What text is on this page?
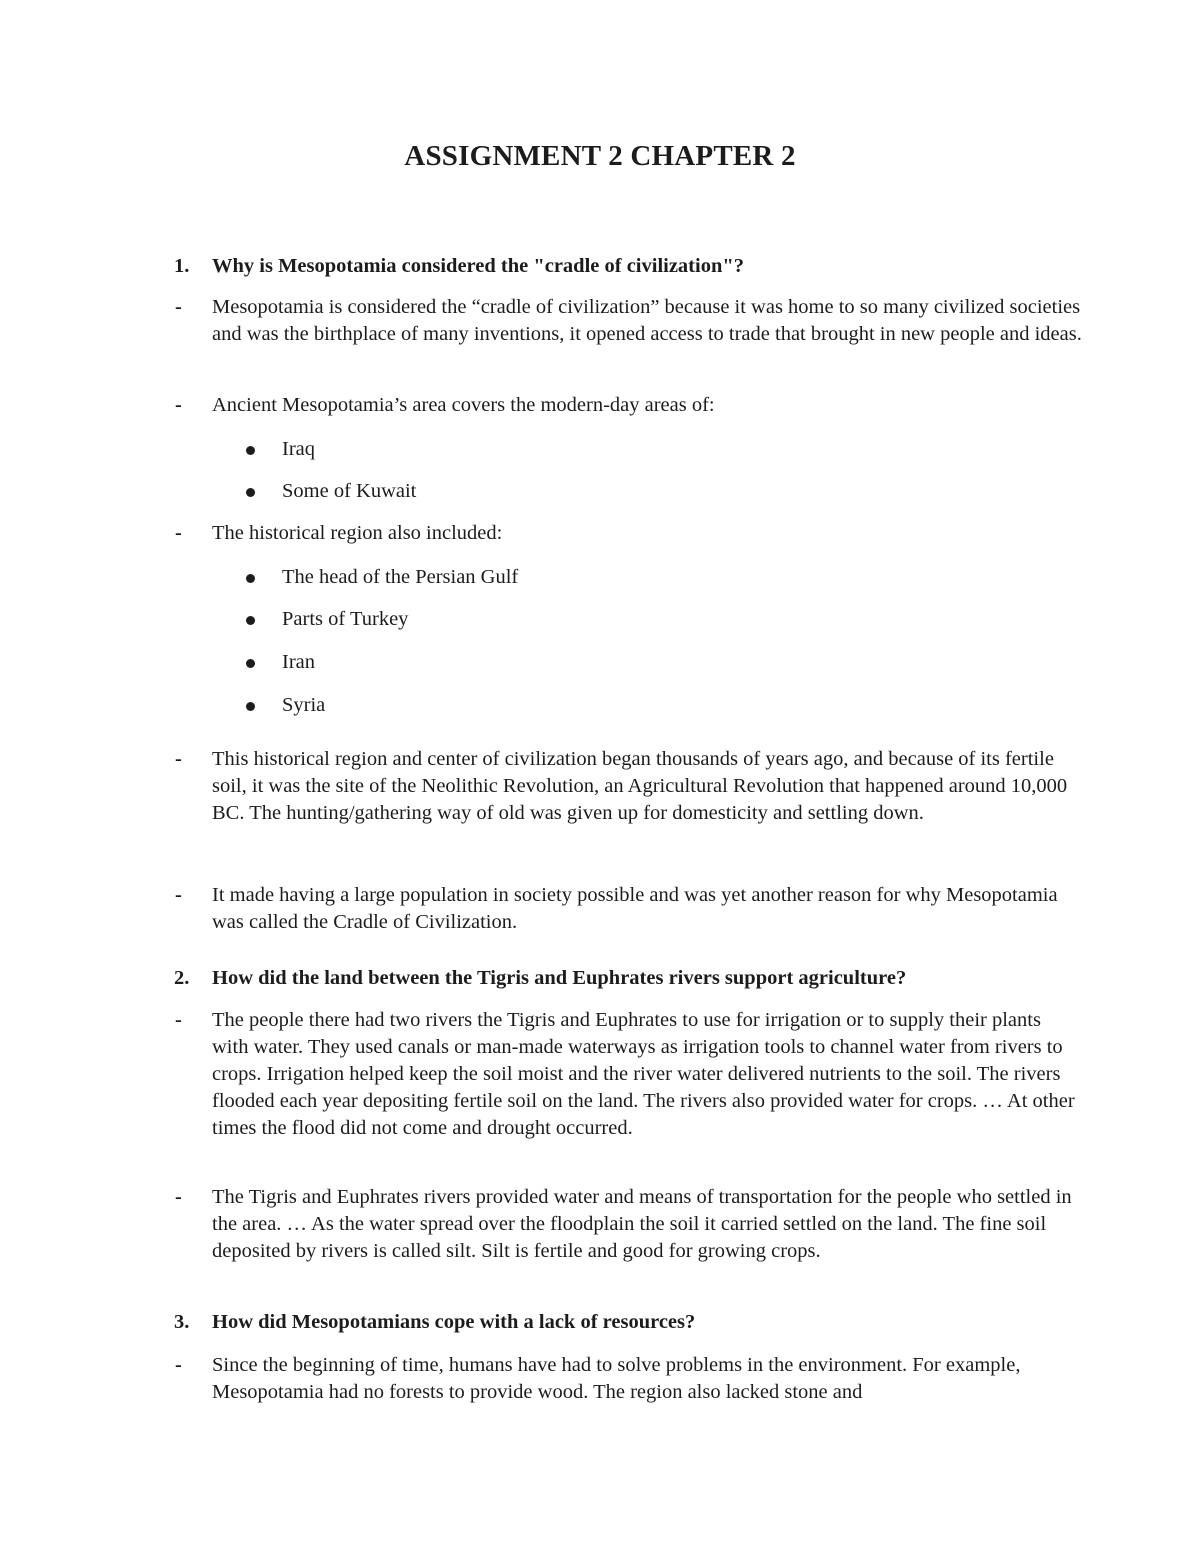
ASSIGNMENT 2 CHAPTER 2
1.	Why is Mesopotamia considered the "cradle of civilization"?
- Mesopotamia is considered the “cradle of civilization” because it was home to so many civilized societies and was the birthplace of many inventions, it opened access to trade that brought in new people and ideas.
- Ancient Mesopotamia’s area covers the modern-day areas of:
Iraq
Some of Kuwait
- The historical region also included:
The head of the Persian Gulf
Parts of Turkey
Iran
Syria
- This historical region and center of civilization began thousands of years ago, and because of its fertile soil, it was the site of the Neolithic Revolution, an Agricultural Revolution that happened around 10,000 BC. The hunting/gathering way of old was given up for domesticity and settling down.
- It made having a large population in society possible and was yet another reason for why Mesopotamia was called the Cradle of Civilization.
2.	How did the land between the Tigris and Euphrates rivers support agriculture?
- The people there had two rivers the Tigris and Euphrates to use for irrigation or to supply their plants with water. They used canals or man-made waterways as irrigation tools to channel water from rivers to crops. Irrigation helped keep the soil moist and the river water delivered nutrients to the soil. The rivers flooded each year depositing fertile soil on the land. The rivers also provided water for crops. … At other times the flood did not come and drought occurred.
- The Tigris and Euphrates rivers provided water and means of transportation for the people who settled in the area. … As the water spread over the floodplain the soil it carried settled on the land. The fine soil deposited by rivers is called silt. Silt is fertile and good for growing crops.
3.	How did Mesopotamians cope with a lack of resources?
- Since the beginning of time, humans have had to solve problems in the environment. For example, Mesopotamia had no forests to provide wood. The region also lacked stone and
